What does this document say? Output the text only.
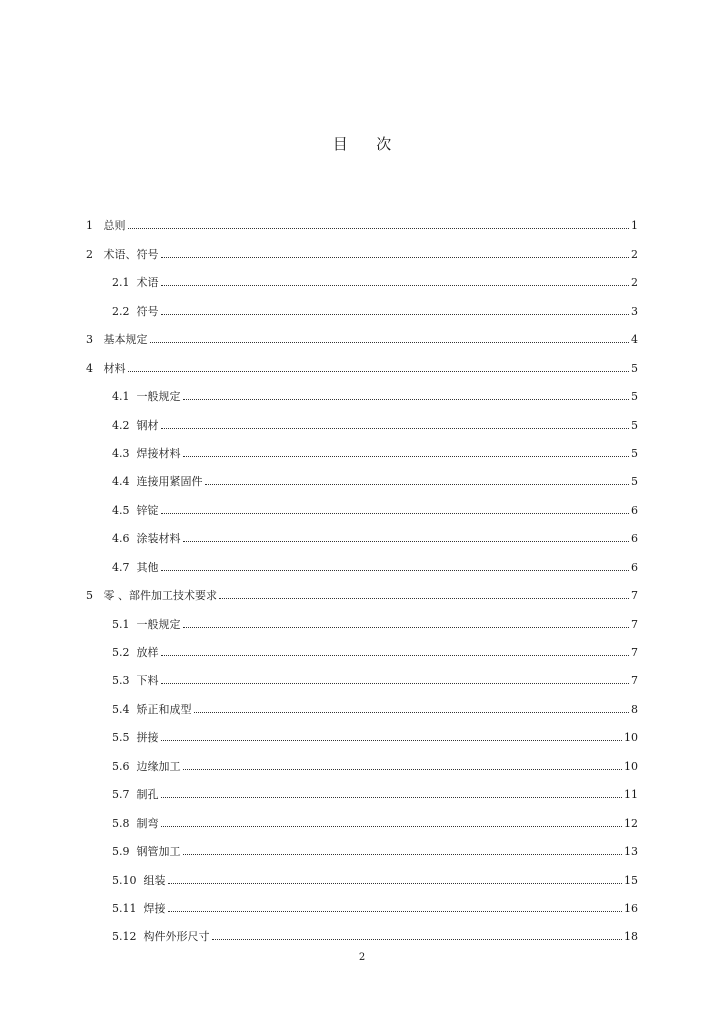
目      次
1   总则	1
2   术语、符号	2
2.1  术语	2
2.2  符号	3
3   基本规定	4
4   材料	5
4.1  一般规定	5
4.2  钢材	5
4.3  焊接材料	5
4.4  连接用紧固件	5
4.5  锌锭	6
4.6  涂装材料	6
4.7  其他	6
5   零 、部件加工技术要求	7
5.1  一般规定	7
5.2  放样	7
5.3  下料	7
5.4  矫正和成型	8
5.5  拼接	10
5.6  边缘加工	10
5.7  制孔	11
5.8  制弯	12
5.9  钢管加工	13
5.10  组装	15
5.11  焊接	16
5.12  构件外形尺寸	18
2
